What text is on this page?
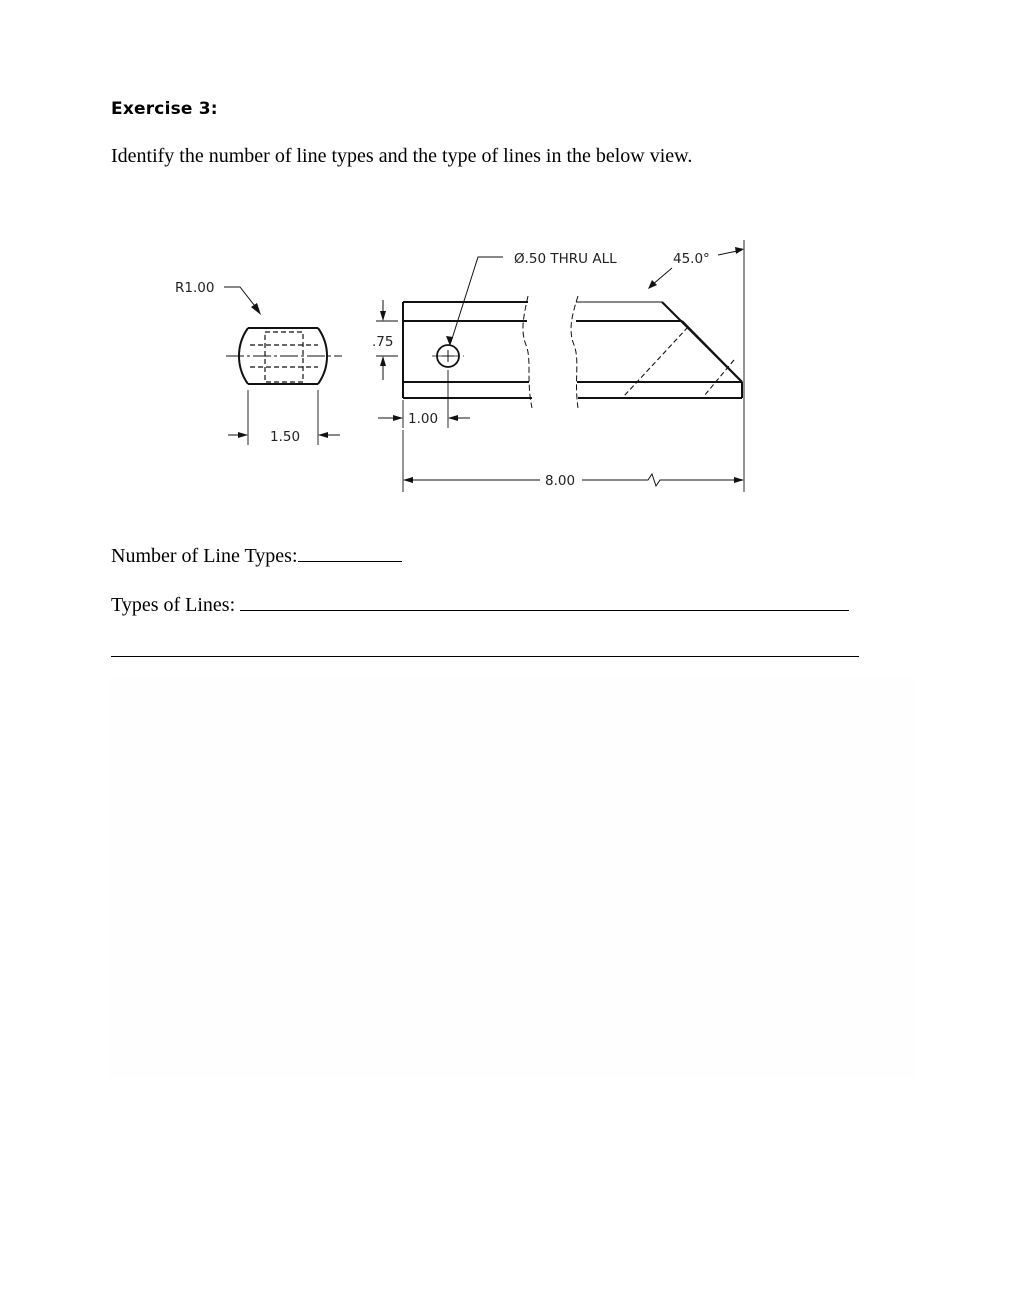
Exercise 3:
Identify the number of line types and the type of lines in the below view.
R1.00
1.50
Ø.50 THRU ALL	45.0°
.75
1.00
8.00
Number of Line Types:
Types of Lines:
